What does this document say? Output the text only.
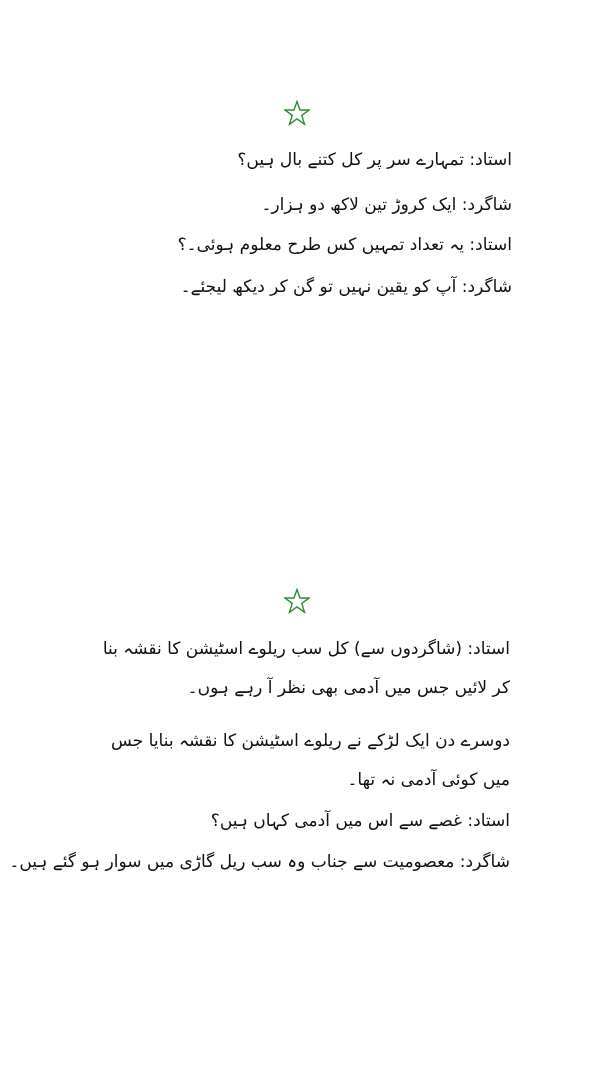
استاد: تمہارے سر پر کل کتنے بال ہیں؟
شاگرد: ایک کروڑ تین لاکھ دو ہزار۔
استاد: یہ تعداد تمہیں کس طرح معلوم ہوئی۔؟
شاگرد: آپ کو یقین نہیں تو گن کر دیکھ لیجئے۔
استاد: (شاگردوں سے) کل سب ریلوے اسٹیشن کا نقشہ بنا کر لائیں جس میں آدمی بھی نظر آ رہے ہوں۔
دوسرے دن ایک لڑکے نے ریلوے اسٹیشن کا نقشہ بنایا جس میں کوئی آدمی نہ تھا۔
استاد: غصے سے اس میں آدمی کہاں ہیں؟
شاگرد: معصومیت سے جناب وہ سب ریل گاڑی میں سوار ہو گئے ہیں۔
